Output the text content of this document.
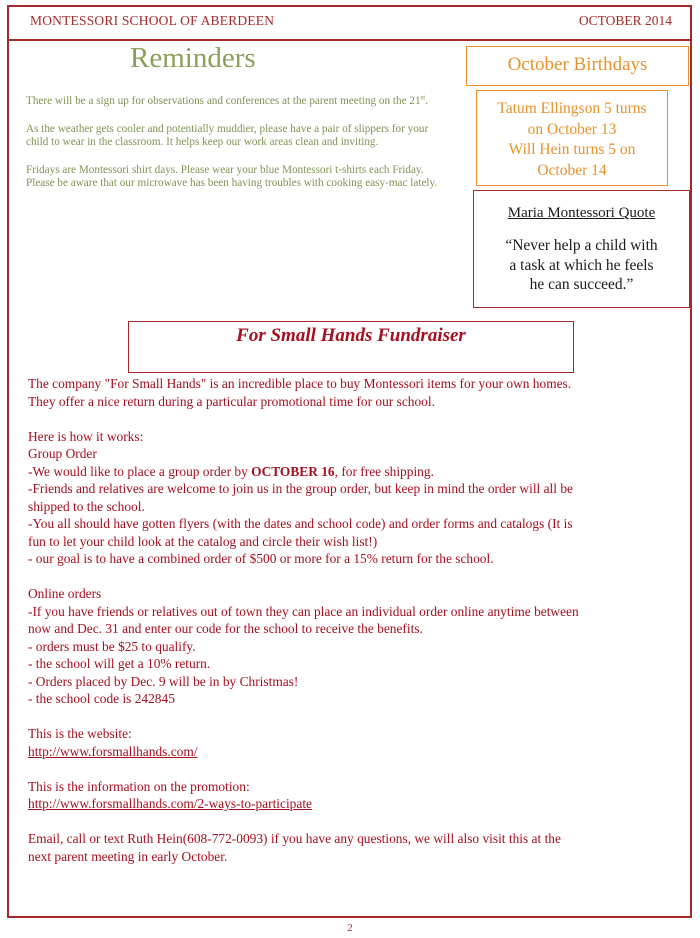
MONTESSORI SCHOOL OF ABERDEEN	OCTOBER 2014
Reminders

There will be a sign up for observations and conferences at the parent meeting on the 21st.

As the weather gets cooler and potentially muddier, please have a pair of slippers for your child to wear in the classroom. It helps keep our work areas clean and inviting.

Fridays are Montessori shirt days. Please wear your blue Montessori t-shirts each Friday. Please be aware that our microwave has been having troubles with cooking easy-mac lately.

October Birthdays
Tatum Ellingson 5 turns
on October 13
Will Hein turns 5 on
October 14
Maria Montessori Quote
“Never help a child with
a task at which he feels
he can succeed.”
For Small Hands Fundraiser
The company "For Small Hands" is an incredible place to buy Montessori items for your own homes.
They offer a nice return during a particular promotional time for our school.
Here is how it works:
Group Order
-We would like to place a group order by OCTOBER 16, for free shipping.
-Friends and relatives are welcome to join us in the group order, but keep in mind the order will all be
shipped to the school.
-You all should have gotten flyers (with the dates and school code) and order forms and catalogs (It is
fun to let your child look at the catalog and circle their wish list!)
- our goal is to have a combined order of $500 or more for a 15% return for the school.
Online orders
-If you have friends or relatives out of town they can place an individual order online anytime between
now and Dec. 31 and enter our code for the school to receive the benefits.
- orders must be $25 to qualify.
- the school will get a 10% return.
- Orders placed by Dec. 9 will be in by Christmas!
- the school code is 242845
This is the website:
http://www.forsmallhands.com/
This is the information on the promotion:
http://www.forsmallhands.com/2-ways-to-participate
Email, call or text Ruth Hein(608-772-0093) if you have any questions, we will also visit this at the
next parent meeting in early October.
2
